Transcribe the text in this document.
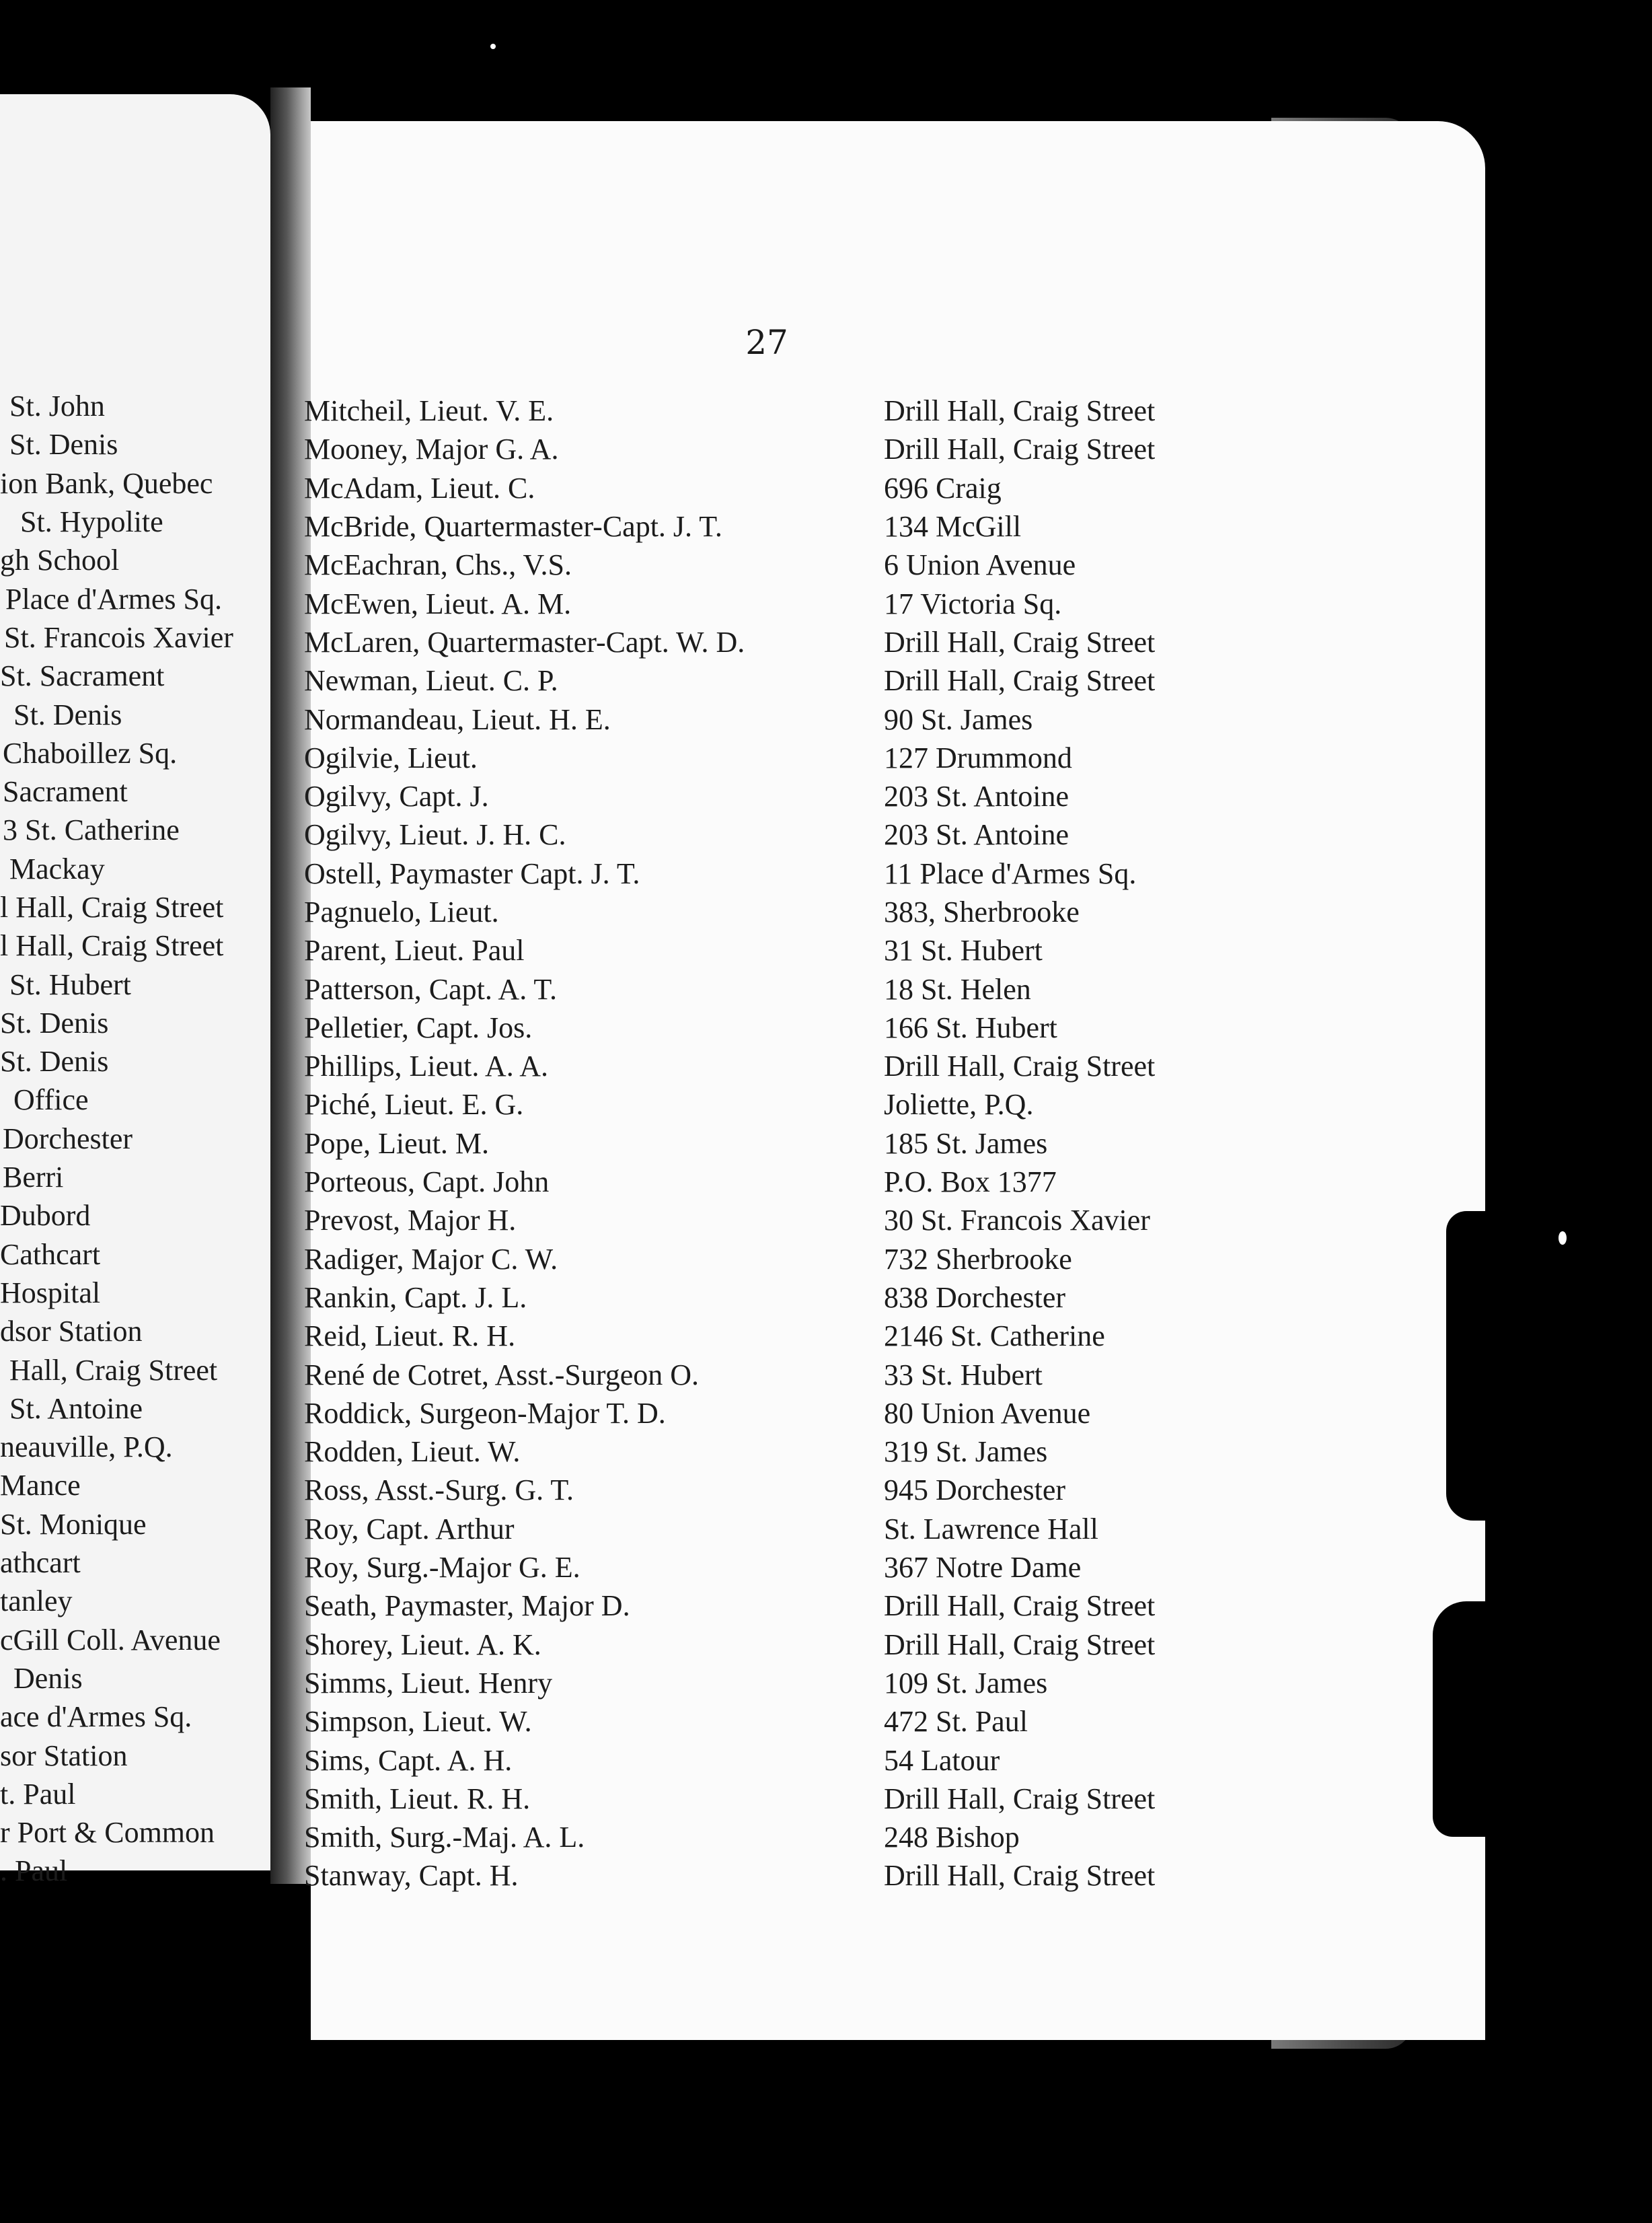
27
St. John
St. Denis
ion Bank, Quebec
St. Hypolite
gh School
Place d'Armes Sq.
St. Francois Xavier
St. Sacrament
St. Denis
Chaboillez Sq.
Sacrament
3 St. Catherine
Mackay
l Hall, Craig Street
l Hall, Craig Street
St. Hubert
St. Denis
St. Denis
Office
Dorchester
Berri
Dubord
Cathcart
Hospital
dsor Station
Hall, Craig Street
St. Antoine
neauville, P.Q.
Mance
St. Monique
athcart
tanley
cGill Coll. Avenue
Denis
ace d'Armes Sq.
sor Station
t. Paul
r Port & Common
. Paul
Mitcheil, Lieut. V. E.	Drill Hall, Craig Street
Mooney, Major G. A.	Drill Hall, Craig Street
McAdam, Lieut. C.	696 Craig
McBride, Quartermaster-Capt. J. T.	134 McGill
McEachran, Chs., V.S.	6 Union Avenue
McEwen, Lieut. A. M.	17 Victoria Sq.
McLaren, Quartermaster-Capt. W. D.	Drill Hall, Craig Street
Newman, Lieut. C. P.	Drill Hall, Craig Street
Normandeau, Lieut. H. E.	90 St. James
Ogilvie, Lieut.	127 Drummond
Ogilvy, Capt. J.	203 St. Antoine
Ogilvy, Lieut. J. H. C.	203 St. Antoine
Ostell, Paymaster Capt. J. T.	11 Place d'Armes Sq.
Pagnuelo, Lieut.	383, Sherbrooke
Parent, Lieut. Paul	31 St. Hubert
Patterson, Capt. A. T.	18 St. Helen
Pelletier, Capt. Jos.	166 St. Hubert
Phillips, Lieut. A. A.	Drill Hall, Craig Street
Piché, Lieut. E. G.	Joliette, P.Q.
Pope, Lieut. M.	185 St. James
Porteous, Capt. John	P.O. Box 1377
Prevost, Major H.	30 St. Francois Xavier
Radiger, Major C. W.	732 Sherbrooke
Rankin, Capt. J. L.	838 Dorchester
Reid, Lieut. R. H.	2146 St. Catherine
René de Cotret, Asst.-Surgeon O.	33 St. Hubert
Roddick, Surgeon-Major T. D.	80 Union Avenue
Rodden, Lieut. W.	319 St. James
Ross, Asst.-Surg. G. T.	945 Dorchester
Roy, Capt. Arthur	St. Lawrence Hall
Roy, Surg.-Major G. E.	367 Notre Dame
Seath, Paymaster, Major D.	Drill Hall, Craig Street
Shorey, Lieut. A. K.	Drill Hall, Craig Street
Simms, Lieut. Henry	109 St. James
Simpson, Lieut. W.	472 St. Paul
Sims, Capt. A. H.	54 Latour
Smith, Lieut. R. H.	Drill Hall, Craig Street
Smith, Surg.-Maj. A. L.	248 Bishop
Stanway, Capt. H.	Drill Hall, Craig Street
